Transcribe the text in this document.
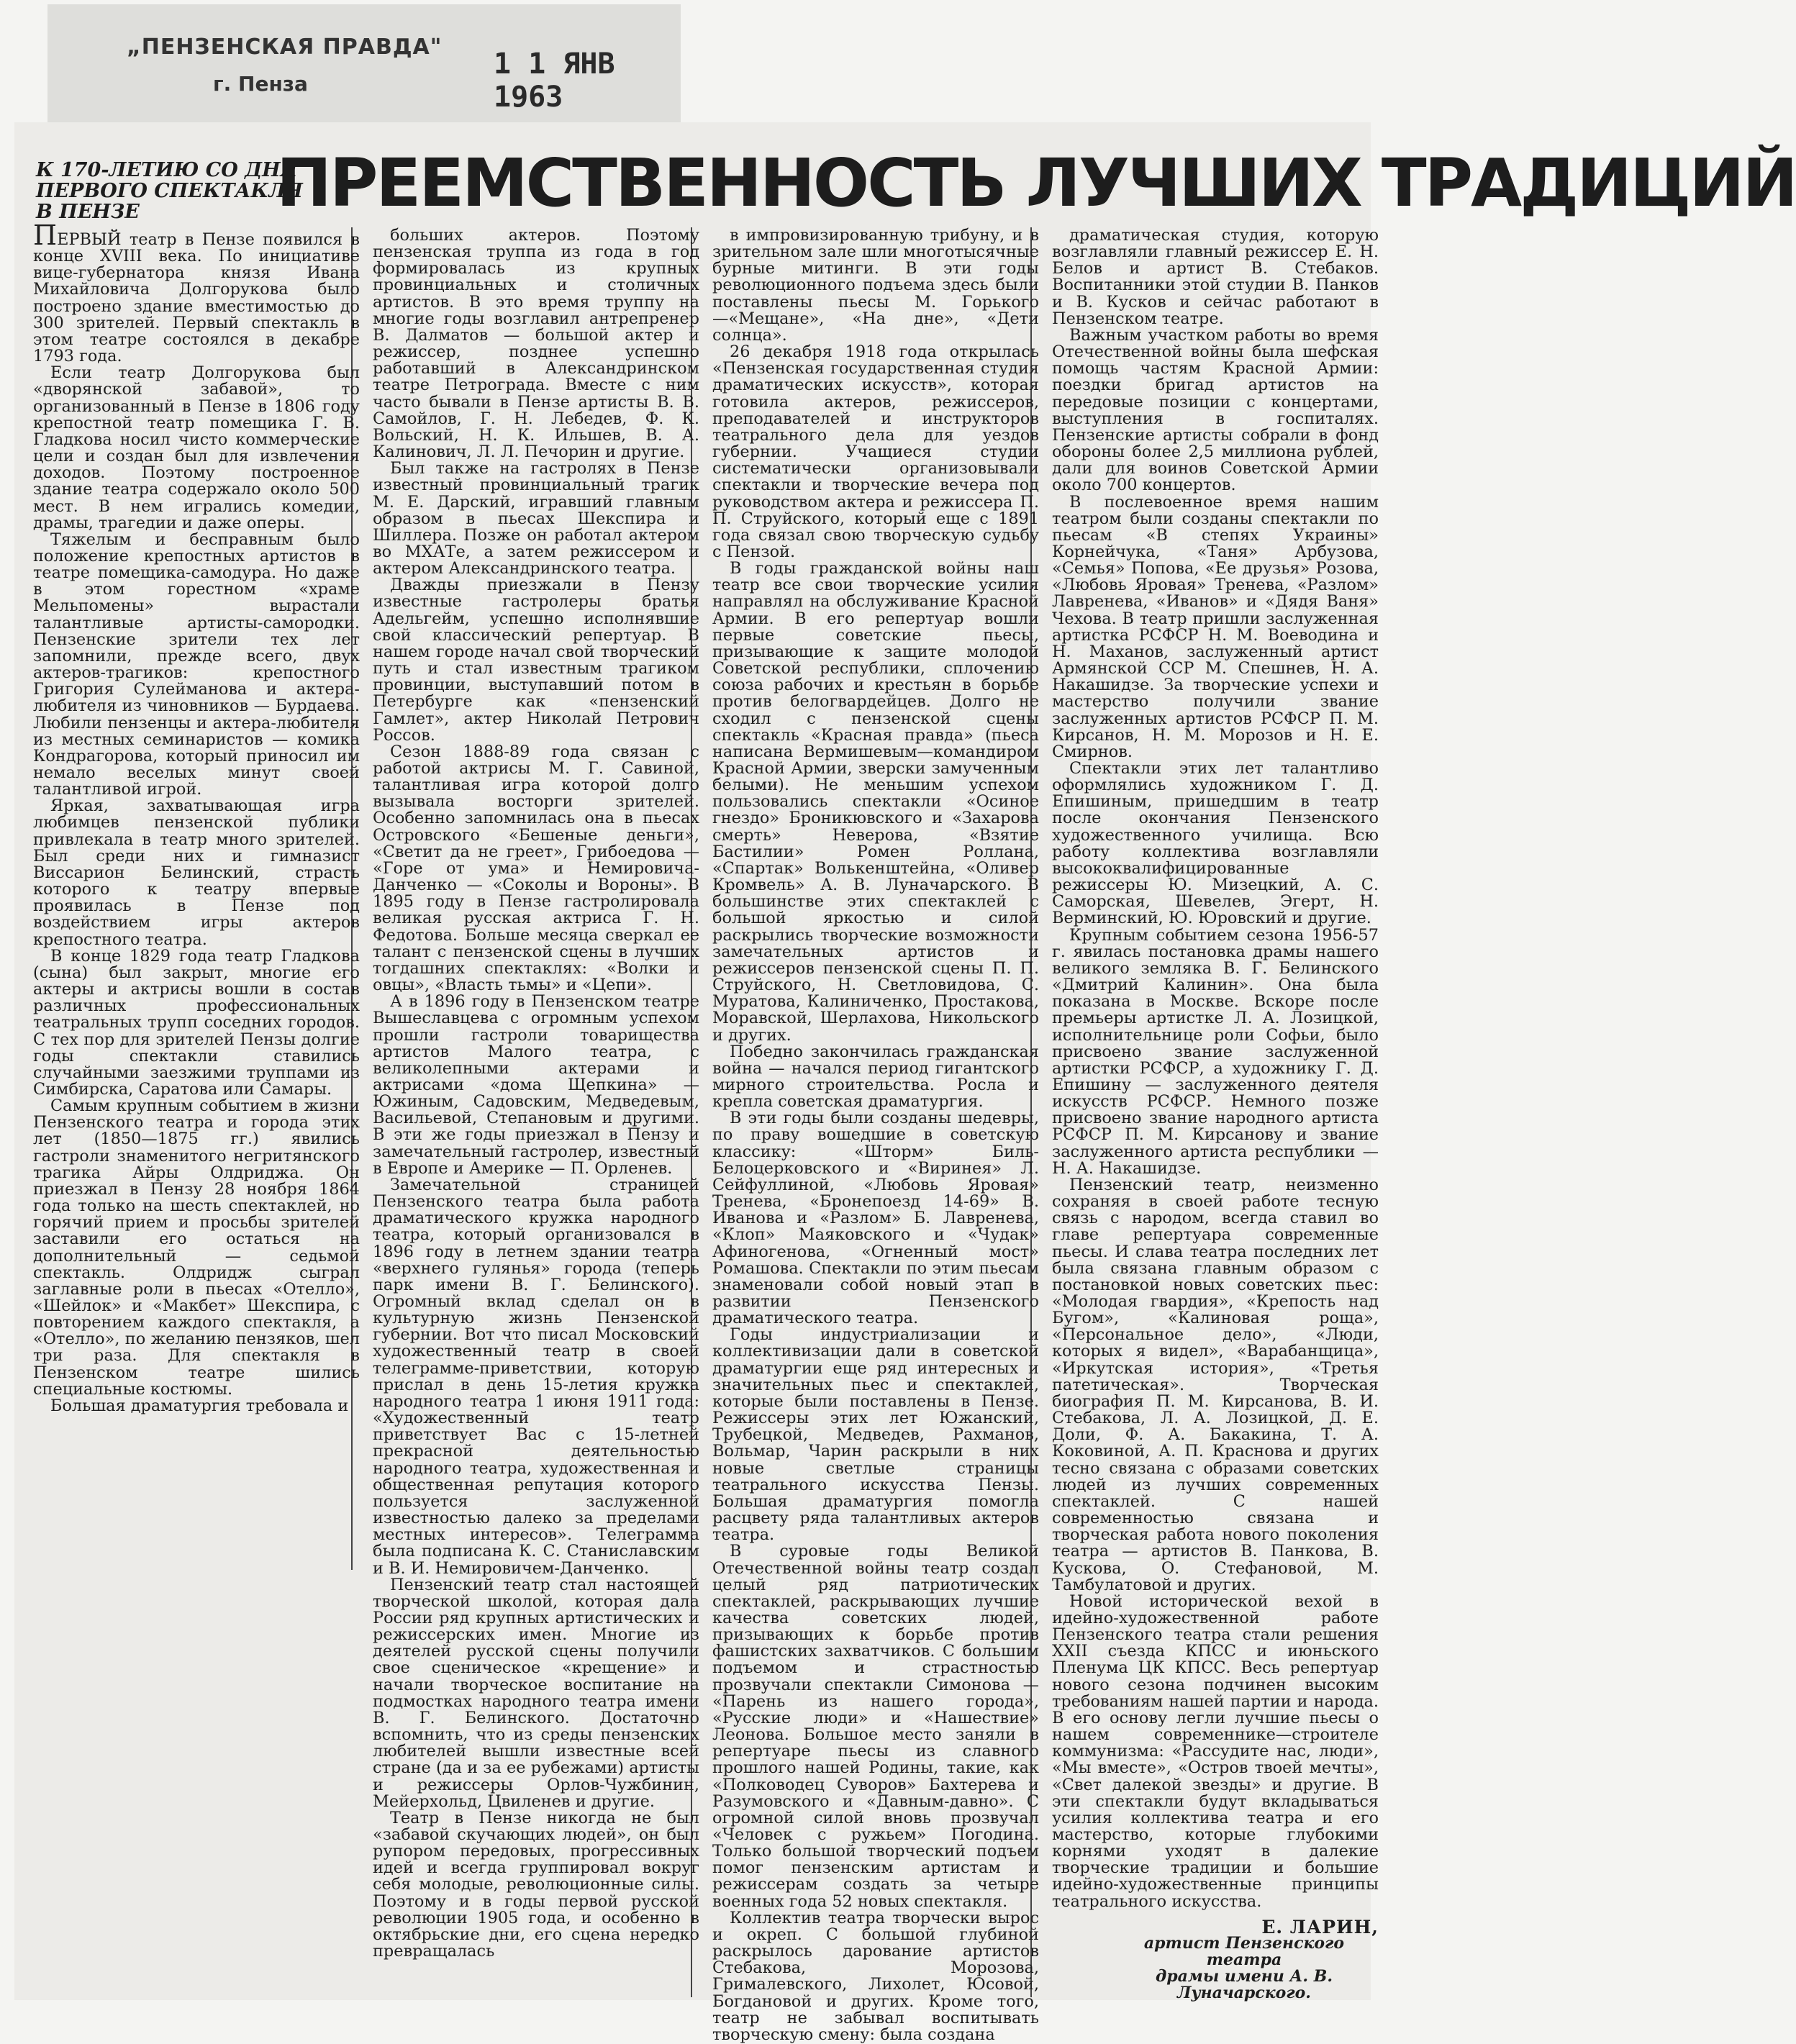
„ПЕНЗЕНСКАЯ ПРАВДА"
1 1 ЯНВ 1963
г. Пенза
К 170-ЛЕТИЮ СО ДНЯ
ПЕРВОГО СПЕКТАКЛЯ
В ПЕНЗЕ	ПРЕЕМСТВЕННОСТЬ ЛУЧШИХ ТРАДИЦИЙ

ПЕРВЫЙ театр в Пензе появился в конце XVIII века. По инициативе вице-губернатора князя Ивана Михайловича Долгорукова было построено здание вместимостью до 300 зрителей. Первый спектакль в этом театре состоялся в декабре 1793 года.

Если театр Долгорукова был «дворянской забавой», то организованный в Пензе в 1806 году крепостной театр помещика Г. В. Гладкова носил чисто коммерческие цели и создан был для извлечения доходов. Поэтому построенное здание театра содержало около 500 мест. В нем игрались комедии, драмы, трагедии и даже оперы.

Тяжелым и бесправным было положение крепостных артистов в театре помещика-самодура. Но даже в этом горестном «храме Мельпомены» вырастали талантливые артисты-самородки. Пензенские зрители тех лет запомнили, прежде всего, двух актеров-трагиков: крепостного Григория Сулейманова и актера-любителя из чиновников — Бурдаева. Любили пензенцы и актера-любителя из местных семинаристов — комика Кондрагорова, который приносил им немало веселых минут своей талантливой игрой.

Яркая, захватывающая игра любимцев пензенской публики привлекала в театр много зрителей. Был среди них и гимназист Виссарион Белинский, страсть которого к театру впервые проявилась в Пензе под воздействием игры актеров крепостного театра.

В конце 1829 года театр Гладкова (сына) был закрыт, многие его актеры и актрисы вошли в состав различных профессиональных театральных трупп соседних городов. С тех пор для зрителей Пензы долгие годы спектакли ставились случайными заезжими труппами из Симбирска, Саратова или Самары.

Самым крупным событием в жизни Пензенского театра и города этих лет (1850—1875 гг.) явились гастроли знаменитого негритянского трагика Айры Олдриджа. Он приезжал в Пензу 28 ноября 1864 года только на шесть спектаклей, но горячий прием и просьбы зрителей заставили его остаться на дополнительный — седьмой спектакль. Олдридж сыграл заглавные роли в пьесах «Отелло», «Шейлок» и «Макбет» Шекспира, с повторением каждого спектакля, а «Отелло», по желанию пензяков, шел три раза. Для спектакля в Пензенском театре шились специальные костюмы.

Большая драматургия требовала и

больших актеров. Поэтому пензенская труппа из года в год формировалась из крупных провинциальных и столичных артистов. В это время труппу на многие годы возглавил антрепренер В. Далматов — большой актер и режиссер, позднее успешно работавший в Александринском театре Петрограда. Вместе с ним часто бывали в Пензе артисты В. В. Самойлов, Г. Н. Лебедев, Ф. К. Вольский, Н. К. Ильшев, В. А. Калинович, Л. Л. Печорин и другие.

Был также на гастролях в Пензе известный провинциальный трагик М. Е. Дарский, игравший главным образом в пьесах Шекспира и Шиллера. Позже он работал актером во МХАТе, а затем режиссером и актером Александринского театра.

Дважды приезжали в Пензу известные гастролеры братья Адельгейм, успешно исполнявшие свой классический репертуар. В нашем городе начал свой творческий путь и стал известным трагиком провинции, выступавший потом в Петербурге как «пензенский Гамлет», актер Николай Петрович Россов.

Сезон 1888-89 года связан с работой актрисы М. Г. Савиной, талантливая игра которой долго вызывала восторги зрителей. Особенно запомнилась она в пьесах Островского «Бешеные деньги», «Светит да не греет», Грибоедова — «Горе от ума» и Немировича-Данченко — «Соколы и Вороны». В 1895 году в Пензе гастролировала великая русская актриса Г. Н. Федотова. Больше месяца сверкал ее талант с пензенской сцены в лучших тогдашних спектаклях: «Волки и овцы», «Власть тьмы» и «Цепи».

А в 1896 году в Пензенском театре Вышеславцева с огромным успехом прошли гастроли товарищества артистов Малого театра, с великолепными актерами и актрисами «дома Щепкина» — Южиным, Садовским, Медведевым, Васильевой, Степановым и другими. В эти же годы приезжал в Пензу и замечательный гастролер, известный в Европе и Америке — П. Орленев.

Замечательной страницей Пензенского театра была работа драматического кружка народного театра, который организовался в 1896 году в летнем здании театра «верхнего гулянья» города (теперь парк имени В. Г. Белинского). Огромный вклад сделал он в культурную жизнь Пензенской губернии. Вот что писал Московский художественный театр в своей телеграмме-приветствии, которую прислал в день 15-летия кружка народного театра 1 июня 1911 года: «Художественный театр приветствует Вас с 15-летней прекрасной деятельностью народного театра, художественная и общественная репутация которого пользуется заслуженной известностью далеко за пределами местных интересов». Телеграмма была подписана К. С. Станиславским и В. И. Немировичем-Данченко.

Пензенский театр стал настоящей творческой школой, которая дала России ряд крупных артистических и режиссерских имен. Многие из деятелей русской сцены получили свое сценическое «крещение» и начали творческое воспитание на подмостках народного театра имени В. Г. Белинского. Достаточно вспомнить, что из среды пензенских любителей вышли известные всей стране (да и за ее рубежами) артисты и режиссеры Орлов-Чужбинин, Мейерхольд, Цвиленев и другие.

Театр в Пензе никогда не был «забавой скучающих людей», он был рупором передовых, прогрессивных идей и всегда группировал вокруг себя молодые, революционные силы. Поэтому и в годы первой русской революции 1905 года, и особенно в октябрьские дни, его сцена нередко превращалась

в импровизированную трибуну, и в зрительном зале шли многотысячные бурные митинги. В эти годы революционного подъема здесь были поставлены пьесы М. Горького—«Мещане», «На дне», «Дети солнца».

26 декабря 1918 года открылась «Пензенская государственная студия драматических искусств», которая готовила актеров, режиссеров, преподавателей и инструкторов театрального дела для уездов губернии. Учащиеся студии систематически организовывали спектакли и творческие вечера под руководством актера и режиссера П. П. Струйского, который еще с 1891 года связал свою творческую судьбу с Пензой.

В годы гражданской войны наш театр все свои творческие усилия направлял на обслуживание Красной Армии. В его репертуар вошли первые советские пьесы, призывающие к защите молодой Советской республики, сплочению союза рабочих и крестьян в борьбе против белогвардейцев. Долго не сходил с пензенской сцены спектакль «Красная правда» (пьеса написана Вермишевым—командиром Красной Армии, зверски замученным белыми). Не меньшим успехом пользовались спектакли «Осиное гнездо» Броникювского и «Захарова смерть» Неверова, «Взятие Бастилии» Ромен Роллана, «Спартак» Волькенштейна, «Оливер Кромвель» А. В. Луначарского. В большинстве этих спектаклей с большой яркостью и силой раскрылись творческие возможности замечательных артистов и режиссеров пензенской сцены П. П. Струйского, Н. Светловидова, С. Муратова, Калиниченко, Простакова, Моравской, Шерлахова, Никольского и других.

Победно закончилась гражданская война — начался период гигантского мирного строительства. Росла и крепла советская драматургия.

В эти годы были созданы шедевры, по праву вошедшие в советскую классику: «Шторм» Биль-Белоцерковского и «Виринея» Л. Сейфуллиной, «Любовь Яровая» Тренева, «Бронепоезд 14-69» В. Иванова и «Разлом» Б. Лавренева, «Клоп» Маяковского и «Чудак» Афиногенова, «Огненный мост» Ромашова. Спектакли по этим пьесам знаменовали собой новый этап в развитии Пензенского драматического театра.

Годы индустриализации и коллективизации дали в советской драматургии еще ряд интересных и значительных пьес и спектаклей, которые были поставлены в Пензе. Режиссеры этих лет Южанский, Трубецкой, Медведев, Рахманов, Вольмар, Чарин раскрыли в них новые светлые страницы театрального искусства Пензы. Большая драматургия помогла расцвету ряда талантливых актеров театра.

В суровые годы Великой Отечественной войны театр создал целый ряд патриотических спектаклей, раскрывающих лучшие качества советских людей, призывающих к борьбе против фашистских захватчиков. С большим подъемом и страстностью прозвучали спектакли Симонова — «Парень из нашего города», «Русские люди» и «Нашествие» Леонова. Большое место заняли в репертуаре пьесы из славного прошлого нашей Родины, такие, как «Полководец Суворов» Бахтерева и Разумовского и «Давным-давно». С огромной силой вновь прозвучал «Человек с ружьем» Погодина. Только большой творческий подъем помог пензенским артистам и режиссерам создать за четыре военных года 52 новых спектакля.

Коллектив театра творчески вырос и окреп. С большой глубиной раскрылось дарование артистов Стебакова, Морозова, Грималевского, Лихолет, Юсовой, Богдановой и других. Кроме того, театр не забывал воспитывать творческую смену: была создана

драматическая студия, которую возглавляли главный режиссер Е. Н. Белов и артист В. Стебаков. Воспитанники этой студии В. Панков и В. Кусков и сейчас работают в Пензенском театре.

Важным участком работы во время Отечественной войны была шефская помощь частям Красной Армии: поездки бригад артистов на передовые позиции с концертами, выступления в госпиталях. Пензенские артисты собрали в фонд обороны более 2,5 миллиона рублей, дали для воинов Советской Армии около 700 концертов.

В послевоенное время нашим театром были созданы спектакли по пьесам «В степях Украины» Корнейчука, «Таня» Арбузова, «Семья» Попова, «Ее друзья» Розова, «Любовь Яровая» Тренева, «Разлом» Лавренева, «Иванов» и «Дядя Ваня» Чехова. В театр пришли заслуженная артистка РСФСР Н. М. Воеводина и Н. Маханов, заслуженный артист Армянской ССР М. Спешнев, Н. А. Накашидзе. За творческие успехи и мастерство получили звание заслуженных артистов РСФСР П. М. Кирсанов, Н. М. Морозов и Н. Е. Смирнов.

Спектакли этих лет талантливо оформлялись художником Г. Д. Епишиным, пришедшим в театр после окончания Пензенского художественного училища. Всю работу коллектива возглавляли высококвалифицированные режиссеры Ю. Мизецкий, А. С. Саморская, Шевелев, Эгерт, Н. Верминский, Ю. Юровский и другие.

Крупным событием сезона 1956-57 г. явилась постановка драмы нашего великого земляка В. Г. Белинского «Дмитрий Калинин». Она была показана в Москве. Вскоре после премьеры артистке Л. А. Лозицкой, исполнительнице роли Софьи, было присвоено звание заслуженной артистки РСФСР, а художнику Г. Д. Епишину — заслуженного деятеля искусств РСФСР. Немного позже присвоено звание народного артиста РСФСР П. М. Кирсанову и звание заслуженного артиста республики — Н. А. Накашидзе.

Пензенский театр, неизменно сохраняя в своей работе тесную связь с народом, всегда ставил во главе репертуара современные пьесы. И слава театра последних лет была связана главным образом с постановкой новых советских пьес: «Молодая гвардия», «Крепость над Бугом», «Калиновая роща», «Персональное дело», «Люди, которых я видел», «Варабанщица», «Иркутская история», «Третья патетическая». Творческая биография П. М. Кирсанова, В. И. Стебакова, Л. А. Лозицкой, Д. Е. Доли, Ф. А. Бакакина, Т. А. Коковиной, А. П. Краснова и других тесно связана с образами советских людей из лучших современных спектаклей. С нашей современностью связана и творческая работа нового поколения театра — артистов В. Панкова, В. Кускова, О. Стефановой, М. Тамбулатовой и других.

Новой исторической вехой в идейно-художественной работе Пензенского театра стали решения XXII съезда КПСС и июньского Пленума ЦК КПСС. Весь репертуар нового сезона подчинен высоким требованиям нашей партии и народа. В его основу легли лучшие пьесы о нашем современнике—строителе коммунизма: «Рассудите нас, люди», «Мы вместе», «Остров твоей мечты», «Свет далекой звезды» и другие. В эти спектакли будут вкладываться усилия коллектива театра и его мастерство, которые глубокими корнями уходят в далекие творческие традиции и большие идейно-художественные принципы театрального искусства.

Е. ЛАРИН,
артист Пензенского театра
драмы имени А. В. Луначарского.
